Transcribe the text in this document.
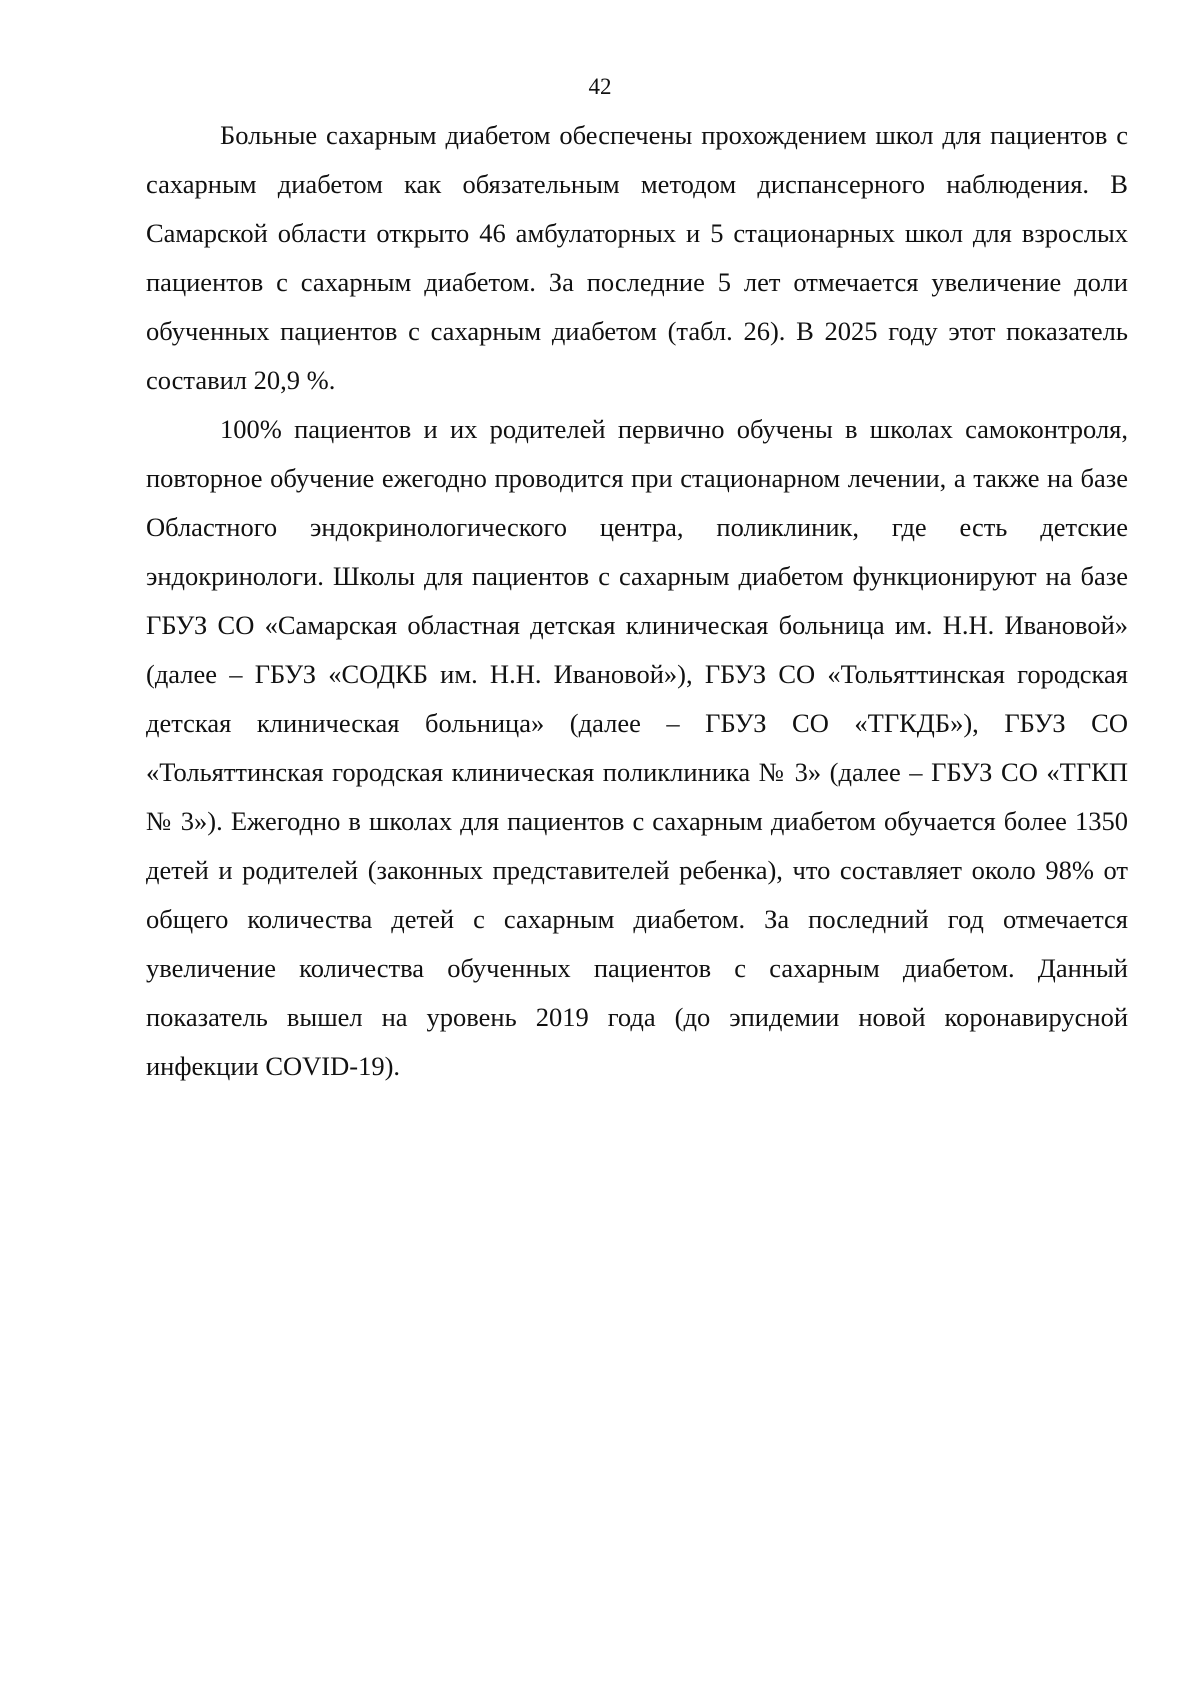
42

Больные сахарным диабетом обеспечены прохождением школ для пациентов с сахарным диабетом как обязательным методом диспансерного наблюдения. В Самарской области открыто 46 амбулаторных и 5 стационарных школ для взрослых пациентов с сахарным диабетом. За последние 5 лет отмечается увеличение доли обученных пациентов с сахарным диабетом (табл. 26). В 2025 году этот показатель составил 20,9 %.

100% пациентов и их родителей первично обучены в школах самоконтроля, повторное обучение ежегодно проводится при стационарном лечении, а также на базе Областного эндокринологического центра, поликлиник, где есть детские эндокринологи. Школы для пациентов с сахарным диабетом функционируют на базе ГБУЗ СО «Самарская областная детская клиническая больница им. Н.Н. Ивановой» (далее – ГБУЗ «СОДКБ им. Н.Н. Ивановой»), ГБУЗ СО «Тольяттинская городская детская клиническая больница» (далее – ГБУЗ СО «ТГКДБ»), ГБУЗ СО «Тольяттинская городская клиническая поликлиника № 3» (далее – ГБУЗ СО «ТГКП № 3»). Ежегодно в школах для пациентов с сахарным диабетом обучается более 1350 детей и родителей (законных представителей ребенка), что составляет около 98% от общего количества детей с сахарным диабетом. За последний год отмечается увеличение количества обученных пациентов с сахарным диабетом. Данный показатель вышел на уровень 2019 года (до эпидемии новой коронавирусной инфекции COVID-19).
